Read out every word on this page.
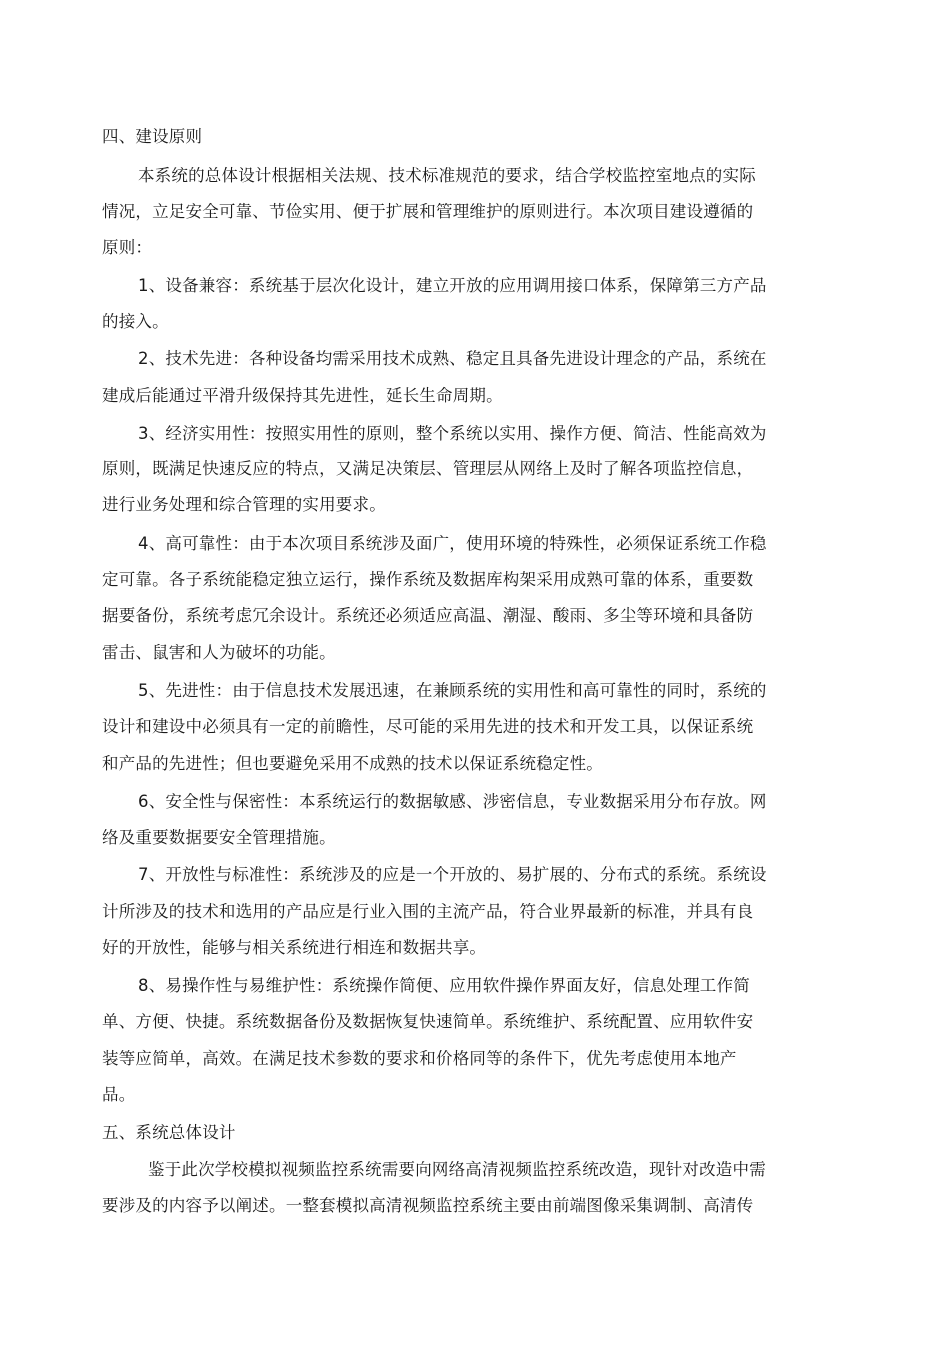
四、建设原则
本系统的总体设计根据相关法规、技术标准规范的要求，结合学校监控室地点的实际
情况，立足安全可靠、节俭实用、便于扩展和管理维护的原则进行。本次项目建设遵循的
原则：
1、设备兼容：系统基于层次化设计，建立开放的应用调用接口体系，保障第三方产品
的接入。
2、技术先进：各种设备均需采用技术成熟、稳定且具备先进设计理念的产品，系统在
建成后能通过平滑升级保持其先进性，延长生命周期。
3、经济实用性：按照实用性的原则，整个系统以实用、操作方便、简洁、性能高效为
原则，既满足快速反应的特点，又满足决策层、管理层从网络上及时了解各项监控信息，
进行业务处理和综合管理的实用要求。
4、高可靠性：由于本次项目系统涉及面广，使用环境的特殊性，必须保证系统工作稳
定可靠。各子系统能稳定独立运行，操作系统及数据库构架采用成熟可靠的体系，重要数
据要备份，系统考虑冗余设计。系统还必须适应高温、潮湿、酸雨、多尘等环境和具备防
雷击、鼠害和人为破坏的功能。
5、先进性：由于信息技术发展迅速，在兼顾系统的实用性和高可靠性的同时，系统的
设计和建设中必须具有一定的前瞻性，尽可能的采用先进的技术和开发工具，以保证系统
和产品的先进性；但也要避免采用不成熟的技术以保证系统稳定性。
6、安全性与保密性：本系统运行的数据敏感、涉密信息，专业数据采用分布存放。网
络及重要数据要安全管理措施。
7、开放性与标准性：系统涉及的应是一个开放的、易扩展的、分布式的系统。系统设
计所涉及的技术和选用的产品应是行业入围的主流产品，符合业界最新的标准，并具有良
好的开放性，能够与相关系统进行相连和数据共享。
8、易操作性与易维护性：系统操作简便、应用软件操作界面友好，信息处理工作简
单、方便、快捷。系统数据备份及数据恢复快速简单。系统维护、系统配置、应用软件安
装等应简单，高效。在满足技术参数的要求和价格同等的条件下，优先考虑使用本地产
品。
五、系统总体设计
鉴于此次学校模拟视频监控系统需要向网络高清视频监控系统改造，现针对改造中需
要涉及的内容予以阐述。一整套模拟高清视频监控系统主要由前端图像采集调制、高清传
